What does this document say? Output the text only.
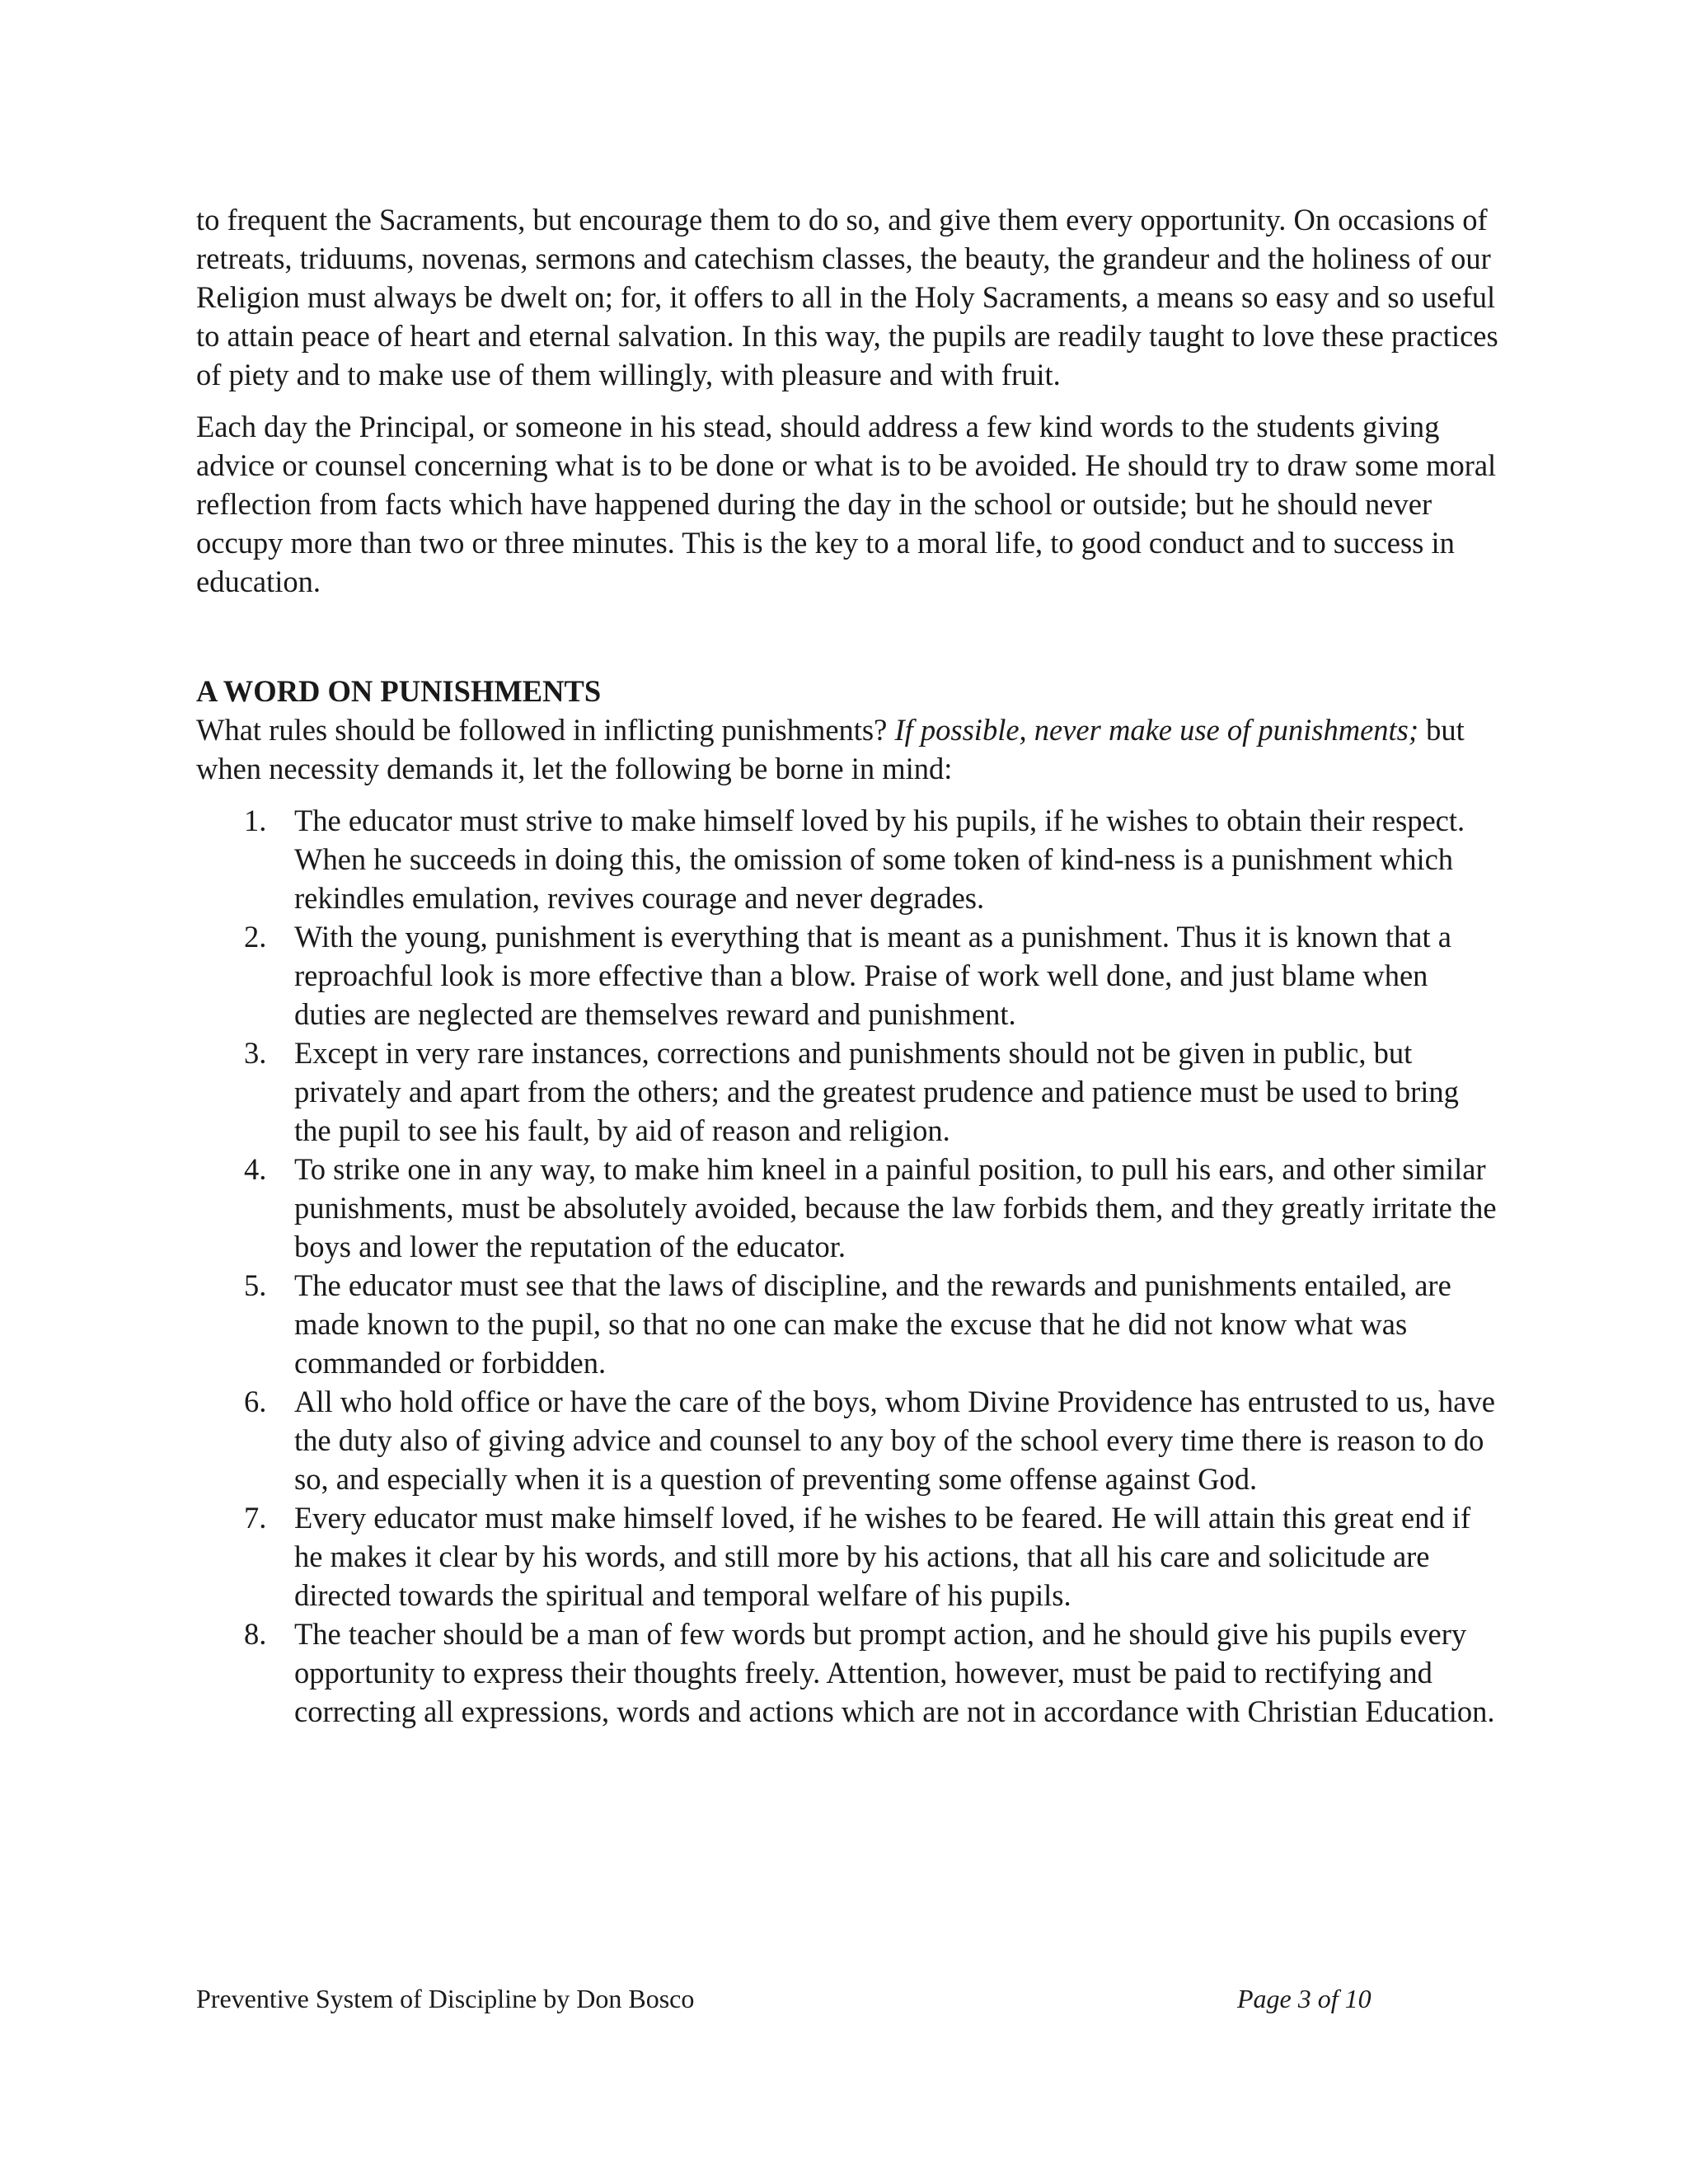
to frequent the Sacraments, but encourage them to do so, and give them every opportunity. On occasions of retreats, triduums, novenas, sermons and catechism classes, the beauty, the grandeur and the holiness of our Religion must always be dwelt on; for, it offers to all in the Holy Sacraments, a means so easy and so useful to attain peace of heart and eternal salvation. In this way, the pupils are readily taught to love these practices of piety and to make use of them willingly, with pleasure and with fruit.

Each day the Principal, or someone in his stead, should address a few kind words to the students giving advice or counsel concerning what is to be done or what is to be avoided. He should try to draw some moral reflection from facts which have happened during the day in the school or outside; but he should never occupy more than two or three minutes. This is the key to a moral life, to good conduct and to success in education.

A WORD ON PUNISHMENTS

What rules should be followed in inflicting punishments? If possible, never make use of punishments; but when necessity demands it, let the following be borne in mind:

1. The educator must strive to make himself loved by his pupils, if he wishes to obtain their respect. When he succeeds in doing this, the omission of some token of kind-ness is a punishment which rekindles emulation, revives courage and never degrades.
2. With the young, punishment is everything that is meant as a punishment. Thus it is known that a reproachful look is more effective than a blow. Praise of work well done, and just blame when duties are neglected are themselves reward and punishment.
3. Except in very rare instances, corrections and punishments should not be given in public, but privately and apart from the others; and the greatest prudence and patience must be used to bring the pupil to see his fault, by aid of reason and religion.
4. To strike one in any way, to make him kneel in a painful position, to pull his ears, and other similar punishments, must be absolutely avoided, because the law forbids them, and they greatly irritate the boys and lower the reputation of the educator.
5. The educator must see that the laws of discipline, and the rewards and punishments entailed, are made known to the pupil, so that no one can make the excuse that he did not know what was commanded or forbidden.
6. All who hold office or have the care of the boys, whom Divine Providence has entrusted to us, have the duty also of giving advice and counsel to any boy of the school every time there is reason to do so, and especially when it is a question of preventing some offense against God.
7. Every educator must make himself loved, if he wishes to be feared. He will attain this great end if he makes it clear by his words, and still more by his actions, that all his care and solicitude are directed towards the spiritual and temporal welfare of his pupils.
8. The teacher should be a man of few words but prompt action, and he should give his pupils every opportunity to express their thoughts freely. Attention, however, must be paid to rectifying and correcting all expressions, words and actions which are not in accordance with Christian Education.
Preventive System of Discipline by Don Bosco	Page 3 of 10
